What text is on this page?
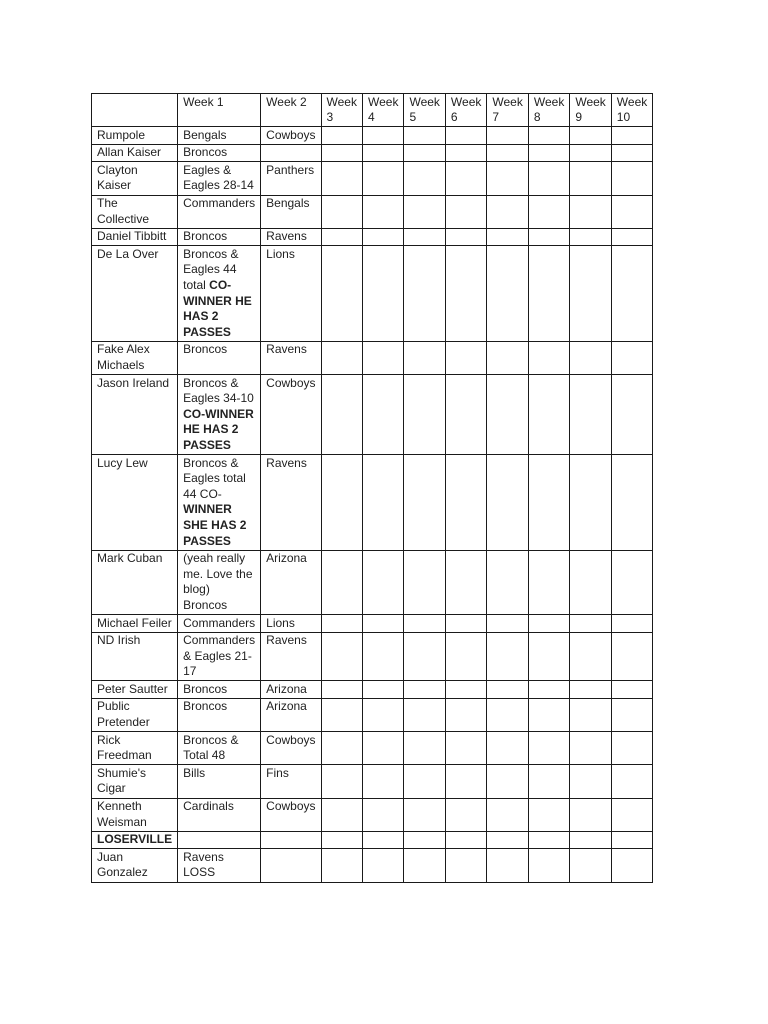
	Week 1	Week 2	Week 3	Week 4	Week 5	Week 6	Week 7	Week 8	Week 9	Week 10
Rumpole	Bengals	Cowboys								
Allan Kaiser	Broncos									
Clayton Kaiser	Eagles & Eagles 28-14	Panthers								
The Collective	Commanders	Bengals								
Daniel Tibbitt	Broncos	Ravens								
De La Over	Broncos & Eagles 44 total CO-WINNER HE HAS 2 PASSES	Lions								
Fake Alex Michaels	Broncos	Ravens								
Jason Ireland	Broncos & Eagles 34-10 CO-WINNER HE HAS 2 PASSES	Cowboys								
Lucy Lew	Broncos & Eagles total 44 CO- WINNER SHE HAS 2 PASSES	Ravens								
Mark Cuban	(yeah really me. Love the blog) Broncos	Arizona								
Michael Feiler	Commanders	Lions								
ND Irish	Commanders & Eagles 21-17	Ravens								
Peter Sautter	Broncos	Arizona								
Public Pretender	Broncos	Arizona								
Rick Freedman	Broncos & Total 48	Cowboys								
Shumie's Cigar	Bills	Fins								
Kenneth Weisman	Cardinals	Cowboys								
LOSERVILLE										
Juan Gonzalez	Ravens LOSS									
